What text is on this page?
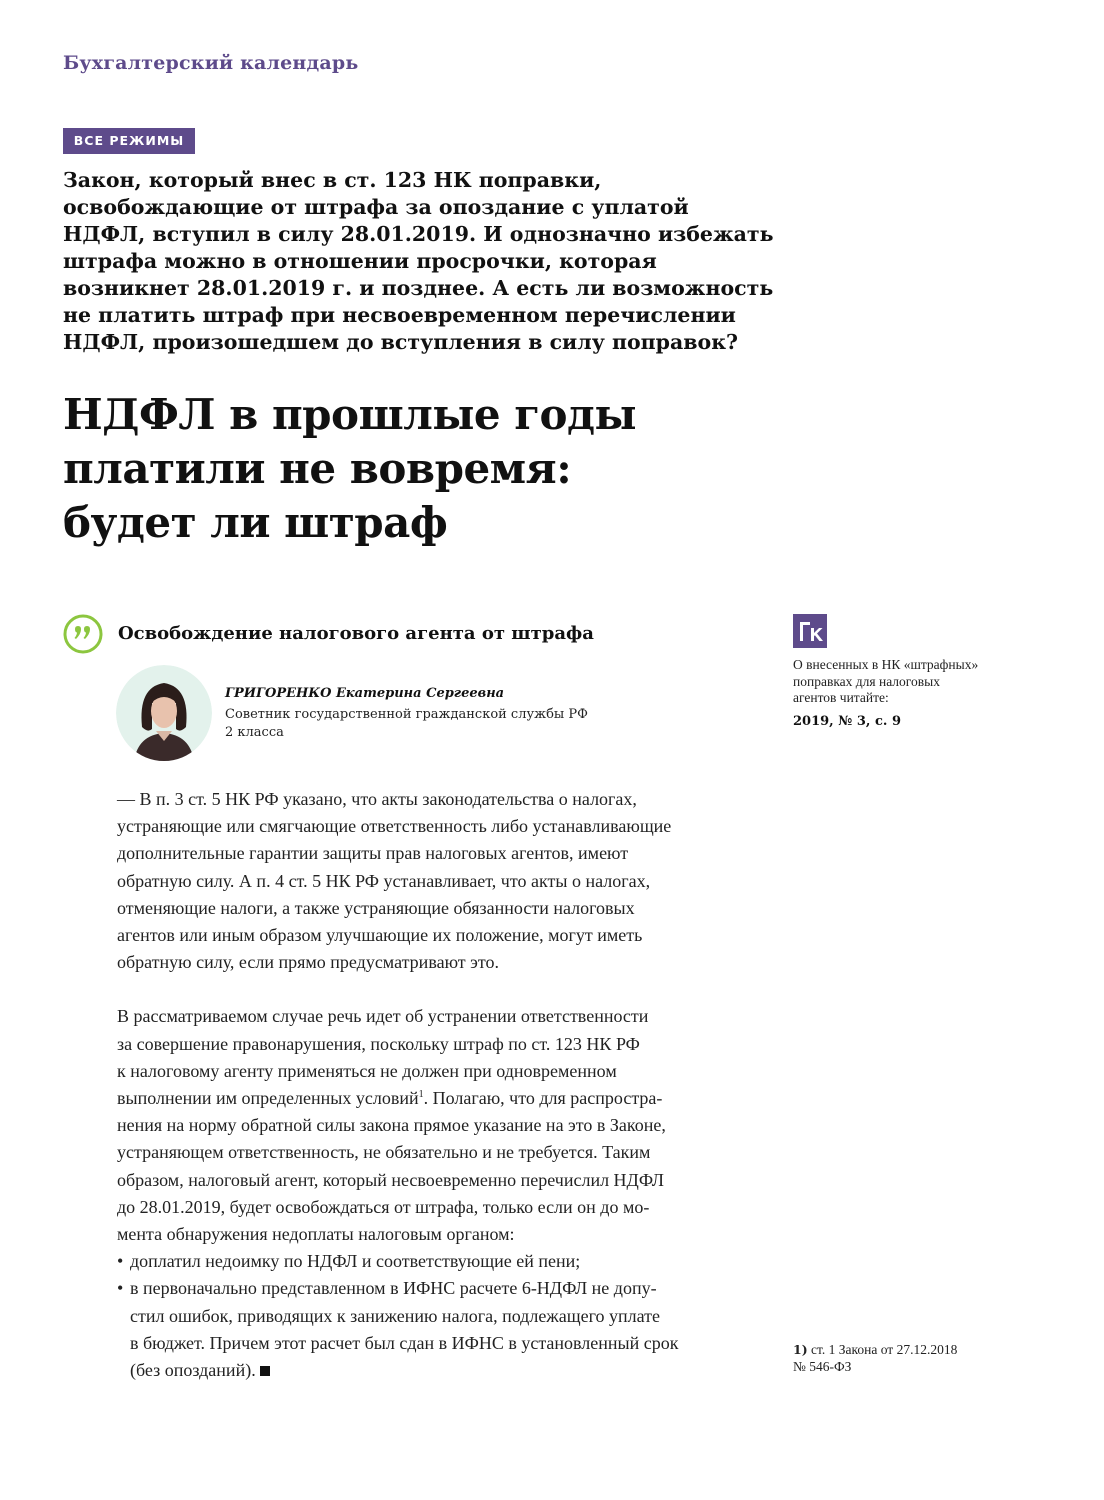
Бухгалтерский календарь
ВСЕ РЕЖИМЫ
Закон, который внес в ст. 123 НК поправки,
освобождающие от штрафа за опоздание с уплатой
НДФЛ, вступил в силу 28.01.2019. И однозначно избежать
штрафа можно в отношении просрочки, которая
возникнет 28.01.2019 г. и позднее. А есть ли возможность
не платить штраф при несвоевременном перечислении
НДФЛ, произошедшем до вступления в силу поправок?
НДФЛ в прошлые годы
платили не вовремя:
будет ли штраф
Освобождение налогового агента от штрафа
ГРИГОРЕНКО Екатерина Сергеевна
Советник государственной гражданской службы РФ
2 класса
— В п. 3 ст. 5 НК РФ указано, что акты законодательства о налогах,
устраняющие или смягчающие ответственность либо устанавливающие
дополнительные гарантии защиты прав налоговых агентов, имеют
обратную силу. А п. 4 ст. 5 НК РФ устанавливает, что акты о налогах,
отменяющие налоги, а также устраняющие обязанности налоговых
агентов или иным образом улучшающие их положение, могут иметь
обратную силу, если прямо предусматривают это.
В рассматриваемом случае речь идет об устранении ответственности
за совершение правонарушения, поскольку штраф по ст. 123 НК РФ
к налоговому агенту применяться не должен при одновременном
выполнении им определенных условий$^1$. Полагаю, что для распростра-
нения на норму обратной силы закона прямое указание на это в Законе,
устраняющем ответственность, не обязательно и не требуется. Таким
образом, налоговый агент, который несвоевременно перечислил НДФЛ
до 28.01.2019, будет освобождаться от штрафа, только если он до мо-
мента обнаружения недоплаты налоговым органом:
• доплатил недоимку по НДФЛ и соответствующие ей пени;
• в первоначально представленном в ИФНС расчете 6-НДФЛ не допу-
стил ошибок, приводящих к занижению налога, подлежащего уплате
в бюджет. Причем этот расчет был сдан в ИФНС в установленный срок
(без опозданий).
О внесенных в НК «штрафных»
поправках для налоговых
агентов читайте:
2019, № 3, с. 9
1) ст. 1 Закона от 27.12.2018
№ 546-ФЗ
